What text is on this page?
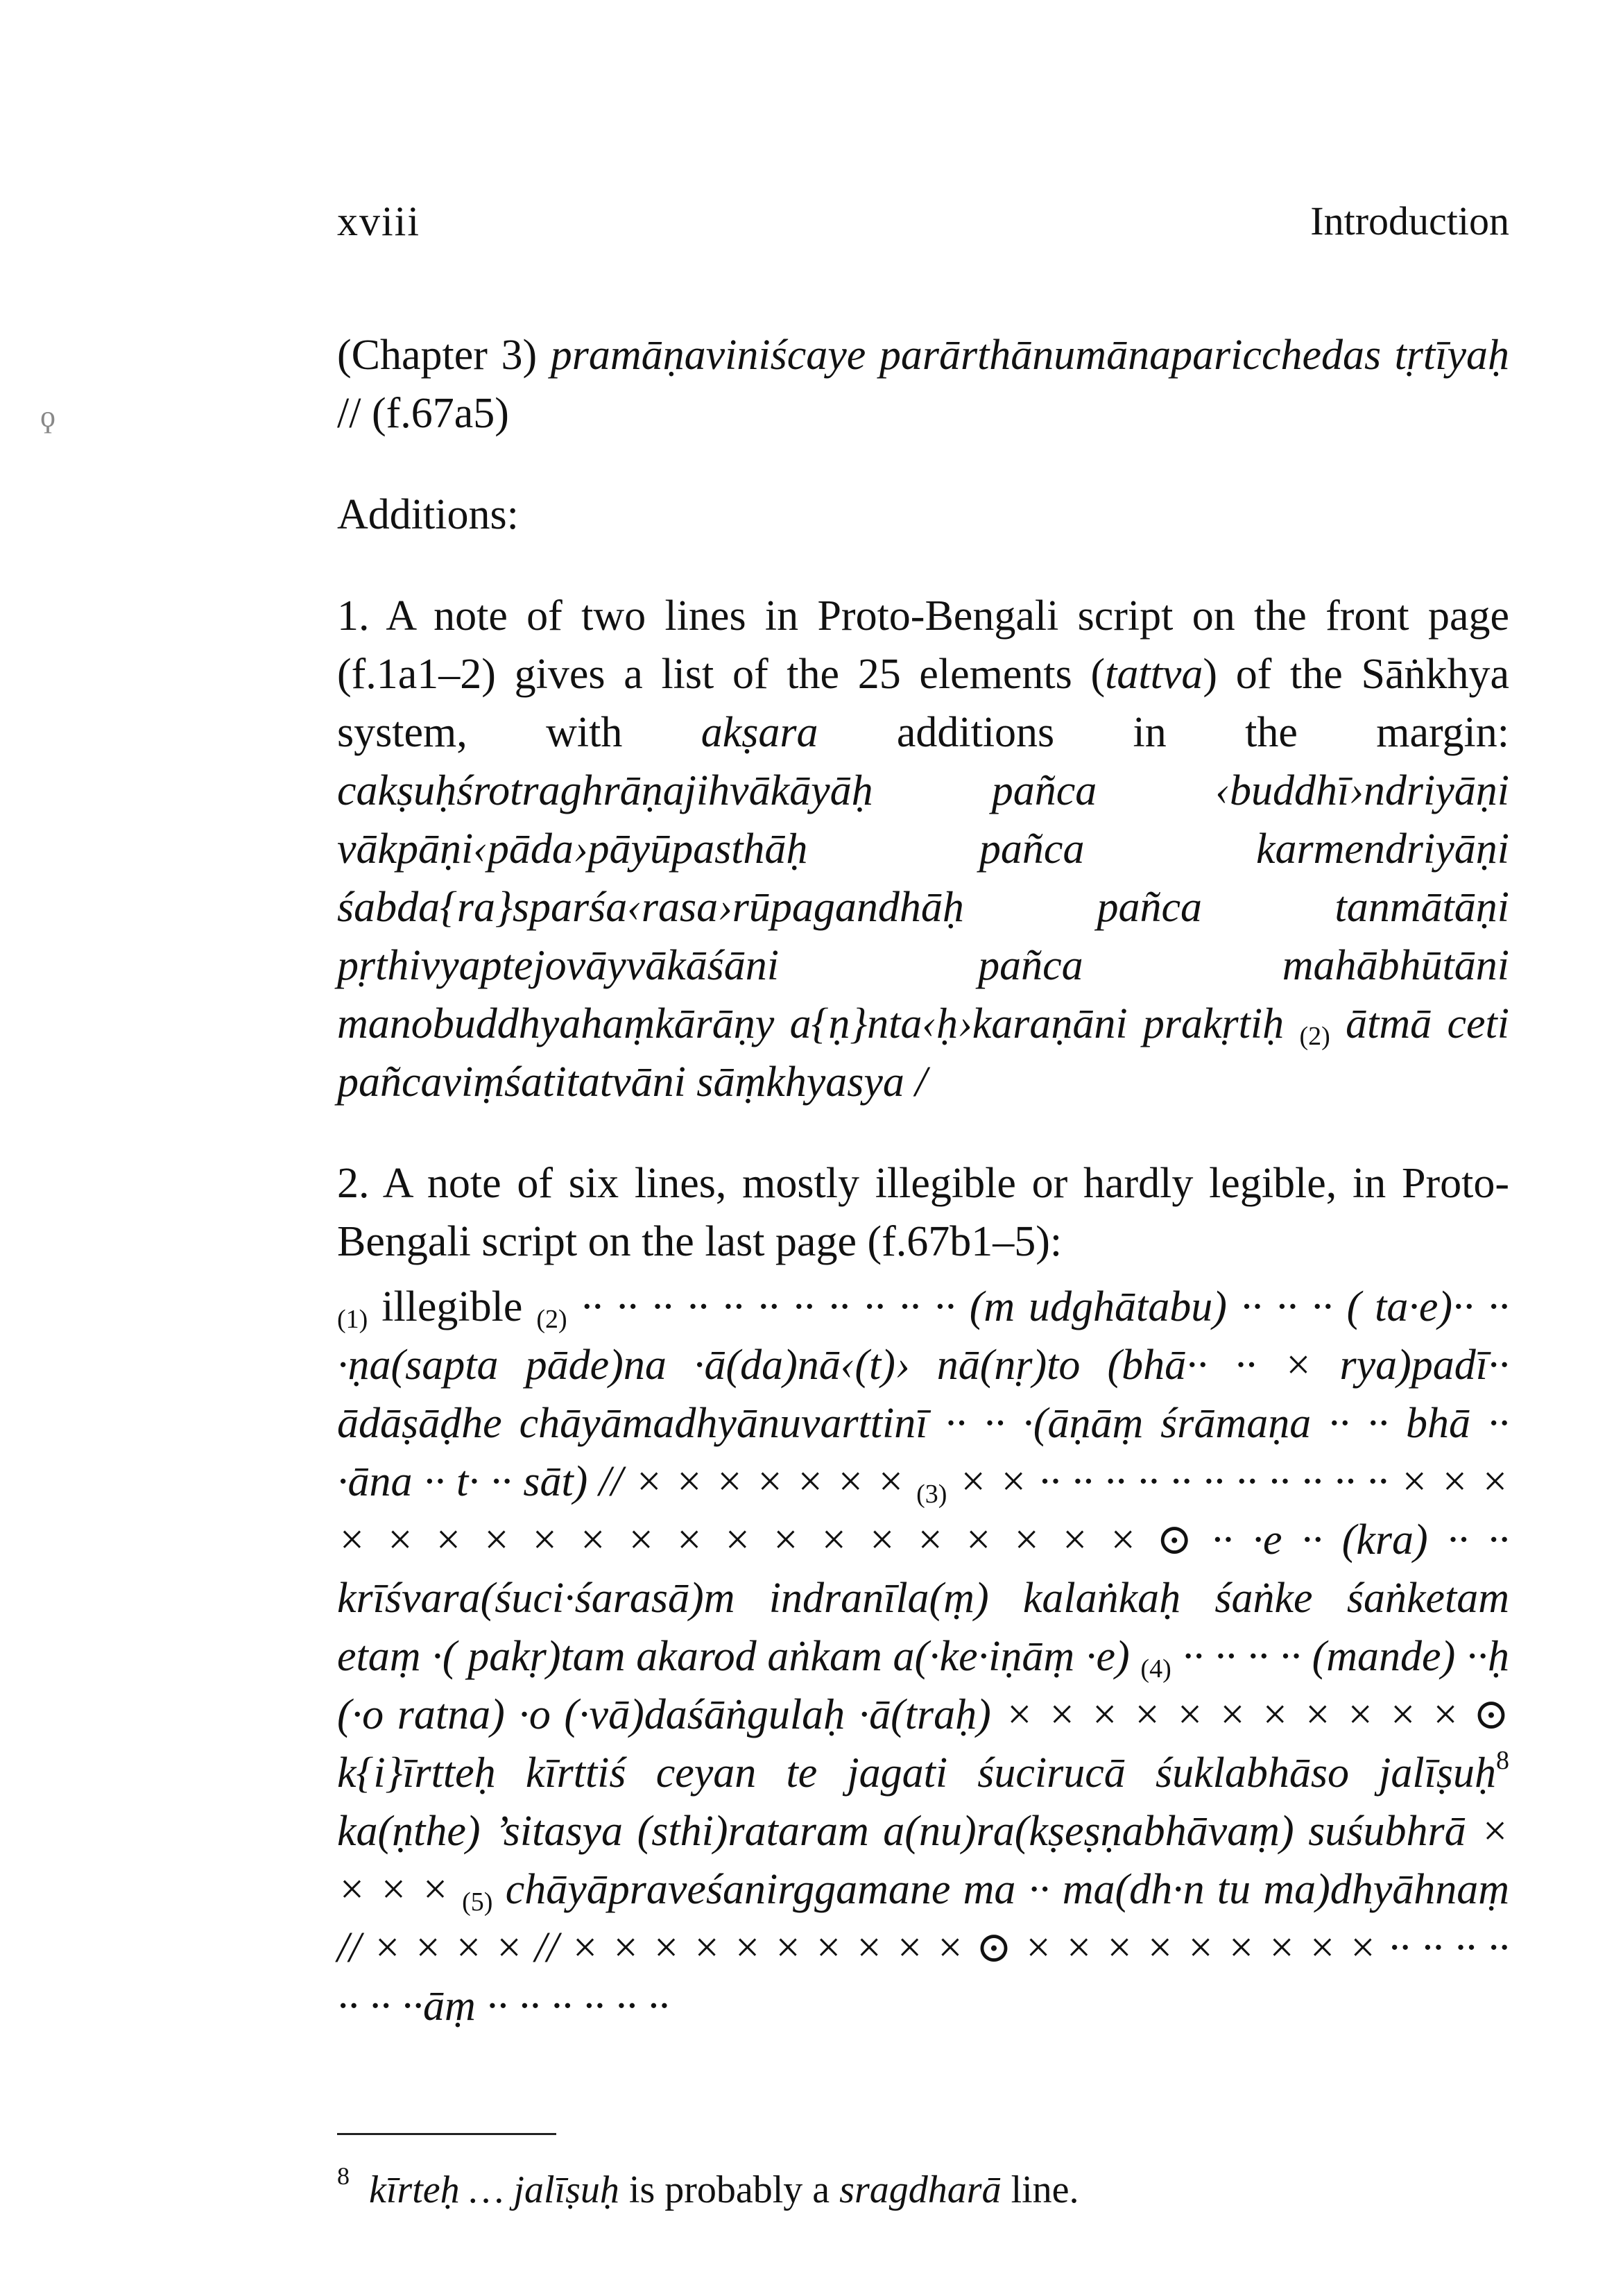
xviii	Introduction
ϙ

(Chapter 3) pramāṇaviniścaye parārthānumānaparicchedas tṛtīyaḥ // (f.67a5)

Additions:

1. A note of two lines in Proto-Bengali script on the front page (f.1a1–2) gives a list of the 25 elements (tattva) of the Sāṅkhya system, with akṣara additions in the margin: cakṣuḥśrotraghrāṇajihvākāyāḥ pañca ‹buddhī›ndriyāṇi vākpāṇi‹pāda›pāyūpasthāḥ pañca karmendriyāṇi śabda{ra}sparśa‹rasa›rūpagandhāḥ pañca tanmātāṇi pṛthivyaptejovāyvākāśāni pañca mahābhūtāni manobuddhyahaṃkārāṇy a{ṇ}nta‹ḥ›karaṇāni prakṛtiḥ $_{(2)}$ ātmā ceti pañcaviṃśatitatvāni sāṃkhyasya /

2. A note of six lines, mostly illegible or hardly legible, in Proto-Bengali script on the last page (f.67b1–5):

$_{(1)}$ illegible $_{(2)}$ ·· ·· ·· ·· ·· ·· ·· ·· ·· ·· ·· (m udghātabu) ·· ·· ·· ( ta·e)·· ·· ·ṇa(sapta pāde)na ·ā(da)nā‹(t)› nā(nṛ)to (bhā·· ·· × rya)padī·· ādāṣāḍhe chāyāmadhyānuvarttinī ·· ·· ·(āṇāṃ śrāmaṇa ·· ·· bhā ·· ·āna ·· t· ·· sāt) // × × × × × × × $_{(3)}$ × × ·· ·· ·· ·· ·· ·· ·· ·· ·· ·· ·· × × × × × × × × × × × × × × × × × × × × ⊙ ·· ·e ·· (kra) ·· ·· krīśvara(śuci·śarasā)m indranīla(ṃ) kalaṅkaḥ śaṅke śaṅketam etaṃ ·( pakṛ)tam akarod aṅkam a(·ke·iṇāṃ ·e) $_{(4)}$ ·· ·· ·· ·· (mande) ··ḥ (·o ratna) ·o (·vā)daśāṅgulaḥ ·ā(traḥ) × × × × × × × × × × × ⊙ k{i}īrtteḥ kīrttiś ceyan te jagati śucirucā śuklabhāso jalīṣuḥ$^8$ ka(ṇthe) ’sitasya (sthi)rataram a(nu)ra(kṣeṣṇabhāvaṃ) suśubhrā × × × × $_{(5)}$ chāyāpraveśanirggamane ma ·· ma(dh·n tu ma)dhyāhnaṃ // × × × × // × × × × × × × × × × ⊙ × × × × × × × × × ·· ·· ·· ·· ·· ·· ··āṃ ·· ·· ·· ·· ·· ··

$^8$ kīrteḥ … jalīṣuḥ is probably a sragdharā line.
